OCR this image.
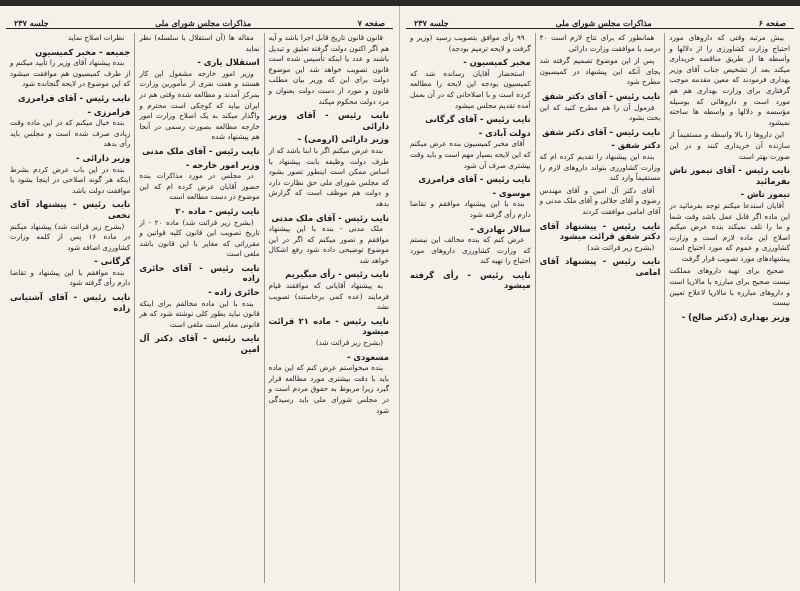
جلسه ۲۳۷	مذاکرات مجلس شورای ملی	صفحه ۷

قانون قانون تاریخ قابل اجرا باشد و آیه هم اگر اکنون دولت گرفته تعلیق و تبدیل باشند و عدد یا اینکه تأسیس شده است قانون تصویب خواهد شد این موضوع دولت برای این که وزیر بیان مطلب قانون و مورد از دست دولت بعنوان و مرد دولت محکوم میکند

نایب رئیس - آقای وزیر دارائی

وزیر دارائی (ارومی) -

بنده عرض میکنم اگر با ابنا باشد که از طرف دولت وظیفه بابت پیشنهاد با اساس ممکن است اینطور تصور بشود که مجلس شورای ملی حق نظارت دارد و دولت هم موظف است که گزارش بدهد

نایب رئیس - آقای ملک مدنی

ملک مدنی - بنده با این پیشنهاد موافقم و تصور میکنم که اگر در این موضوع توضیحی داده شود رفع اشکال خواهد شد

نایب رئیس - رأی میگیریم

به پیشنهاد آقایانی که موافقند قیام فرمایند (عده کمی برخاستند) تصویب نشد

نایب رئیس - ماده ۲۱ قرائت میشود

(بشرح زیر قرائت شد)

مسعودی -

بنده میخواستم عرض کنم که این ماده باید با دقت بیشتری مورد مطالعه قرار گیرد زیرا مربوط به حقوق مردم است و در مجلس شورای ملی باید رسیدگی شود

مقاله ها (آن استقلال با سلسله) نظر نماید

استقلال یاری -

وزیر امور خارجه مشغول این کار هستند و هفت نفری از مأمورین وزارت بمرکز آمدند و مطالعه شده وقتی هم در ایران بیاید که کوچکی است محترم و واگذار میکند به یک اصلاح وزارت امور خارجه مطالعه بصورت رسمی در آنجا هم پیشنهاد شده

نایب رئیس - آقای ملک مدنی

وزیر امور خارجه -

در مجلس در مورد مذاکرات بنده حضور آقایان عرض کرده ام که این موضوع در دست مطالعه است

نایب رئیس - ماده ۲۰

(بشرح زیر قرائت شد) ماده ۲۰ - از تاریخ تصویب این قانون کلیه قوانین و مقرراتی که مغایر با این قانون باشد ملغی است

نایب رئیس - آقای حائری زاده

حائری زاده -

بنده با این ماده مخالفم برای اینکه قانون نباید بطور کلی نوشته شود که هر قانونی مغایر است ملغی است

نایب رئیس - آقای دکتر آل امین

نظرات اصلاح نماید

جمیعه - مخبر کمیسیون

بنده پیشنهاد آقای وزیر را تأیید میکنم و از طرف کمیسیون هم موافقت میشود که این موضوع در لایحه گنجانده شود

نایب رئیس - آقای فرامرزی

فرامرزی -

بنده خیال میکنم که در این ماده وقت زیادی صرف شده است و مجلس باید رأی بدهد

وزیر دارائی -

بنده در این باب عرض کردم بشرط اینکه هر گونه اصلاحی در اینجا بشود با موافقت دولت باشد

نایب رئیس - پیشنهاد آقای نخعی

(بشرح زیر قرائت شد) پیشنهاد میکنم در ماده ۱۶ پس از کلمه وزارت کشاورزی اضافه شود

گرگانی -

بنده موافقم با این پیشنهاد و تقاضا دارم رأی گرفته شود

نایب رئیس - آقای آشتیانی زاده

جلسه ۲۳۷	مذاکرات مجلس شورای ملی	صفحه ۶

بیش مرتبه وقتی که داروهای مورد احتیاج وزارت کشاورزی را از دلالها و واسطه ها از طریق مناقصه خریداری میکند بعد از تشخیص جناب آقای وزیر بهداری فرمودند که معین مقدمه موجب گرفتاری برای وزارت بهداری هم هم مورد است و داروهائی که بوسیله مؤسسه و دلالها و واسطه ها ساخته نمیشود

این داروها را بالا واسطه و مستقیماً از سازنده آن خریداری کنند و در این صورت بهتر است

نایب رئیس - آقای تیمور تاش بفرمائید

تیمور تاش -

آقایان استدعا میکنم توجه بفرمائید در این ماده اگر قابل عمل باشد وقت شما و ما را تلف نمیکند بنده عرض میکنم اصلاح این ماده لازم است و وزارت کشاورزی و عموم که مورد احتیاج است پیشنهادهای مورد تصویب قرار گرفت

صحیح برای تهیه داروهای مملکت نیست صحیح برای مبارزه با مالاریا است و داروهای مبارزه با مالاریا لاعلاج تعیین نیست

وزیر بهداری (دکتر صالح) -

همانطور که برای نتاج لازم است ۴۰ درصد با موافقت وزارت دارائی

پس از این موضوع تصمیم گرفته شد بجای آنکه این پیشنهاد در کمیسیون مطرح شود

نایب رئیس - آقای دکتر شفق

فرمول آن را هم مطرح کنید که این بحث بشود

نایب رئیس - آقای دکتر شفق

دکتر شفق -

بنده این پیشنهاد را تقدیم کرده ام که وزارت کشاورزی بتواند داروهای لازم را مستقیماً وارد کند

آقای دکتر آل امین و آقای مهندس رضوی و آقای جلالی و آقای ملک مدنی و آقای امامی موافقت کردند

نایب رئیس - پیشنهاد آقای دکتر شفق قرائت میشود

(بشرح زیر قرائت شد)

نایب رئیس - پیشنهاد آقای امامی

۹۹ رأی موافق بتصویب رسید (وزیر و گرفت و لایحه ترمیم بودجه)

مخبر کمیسیون -

استحضار آقایان رسانده شد که کمیسیون بودجه این لایحه را مطالعه کرده است و با اصلاحاتی که در آن بعمل آمده تقدیم مجلس میشود

نایب رئیس - آقای گرگانی

دولت آبادی -

آقای مخبر کمیسیون بنده عرض میکنم که این لایحه بسیار مهم است و باید وقت بیشتری صرف آن شود

نایب رئیس - آقای فرامرزی

موسوی -

بنده با این پیشنهاد موافقم و تقاضا دارم رأی گرفته شود

سالار بهادری -

عرض کنم که بنده مخالف این نیستم که وزارت کشاورزی داروهای مورد احتیاج را تهیه کند

نایب رئیس - رأی گرفته میشود
